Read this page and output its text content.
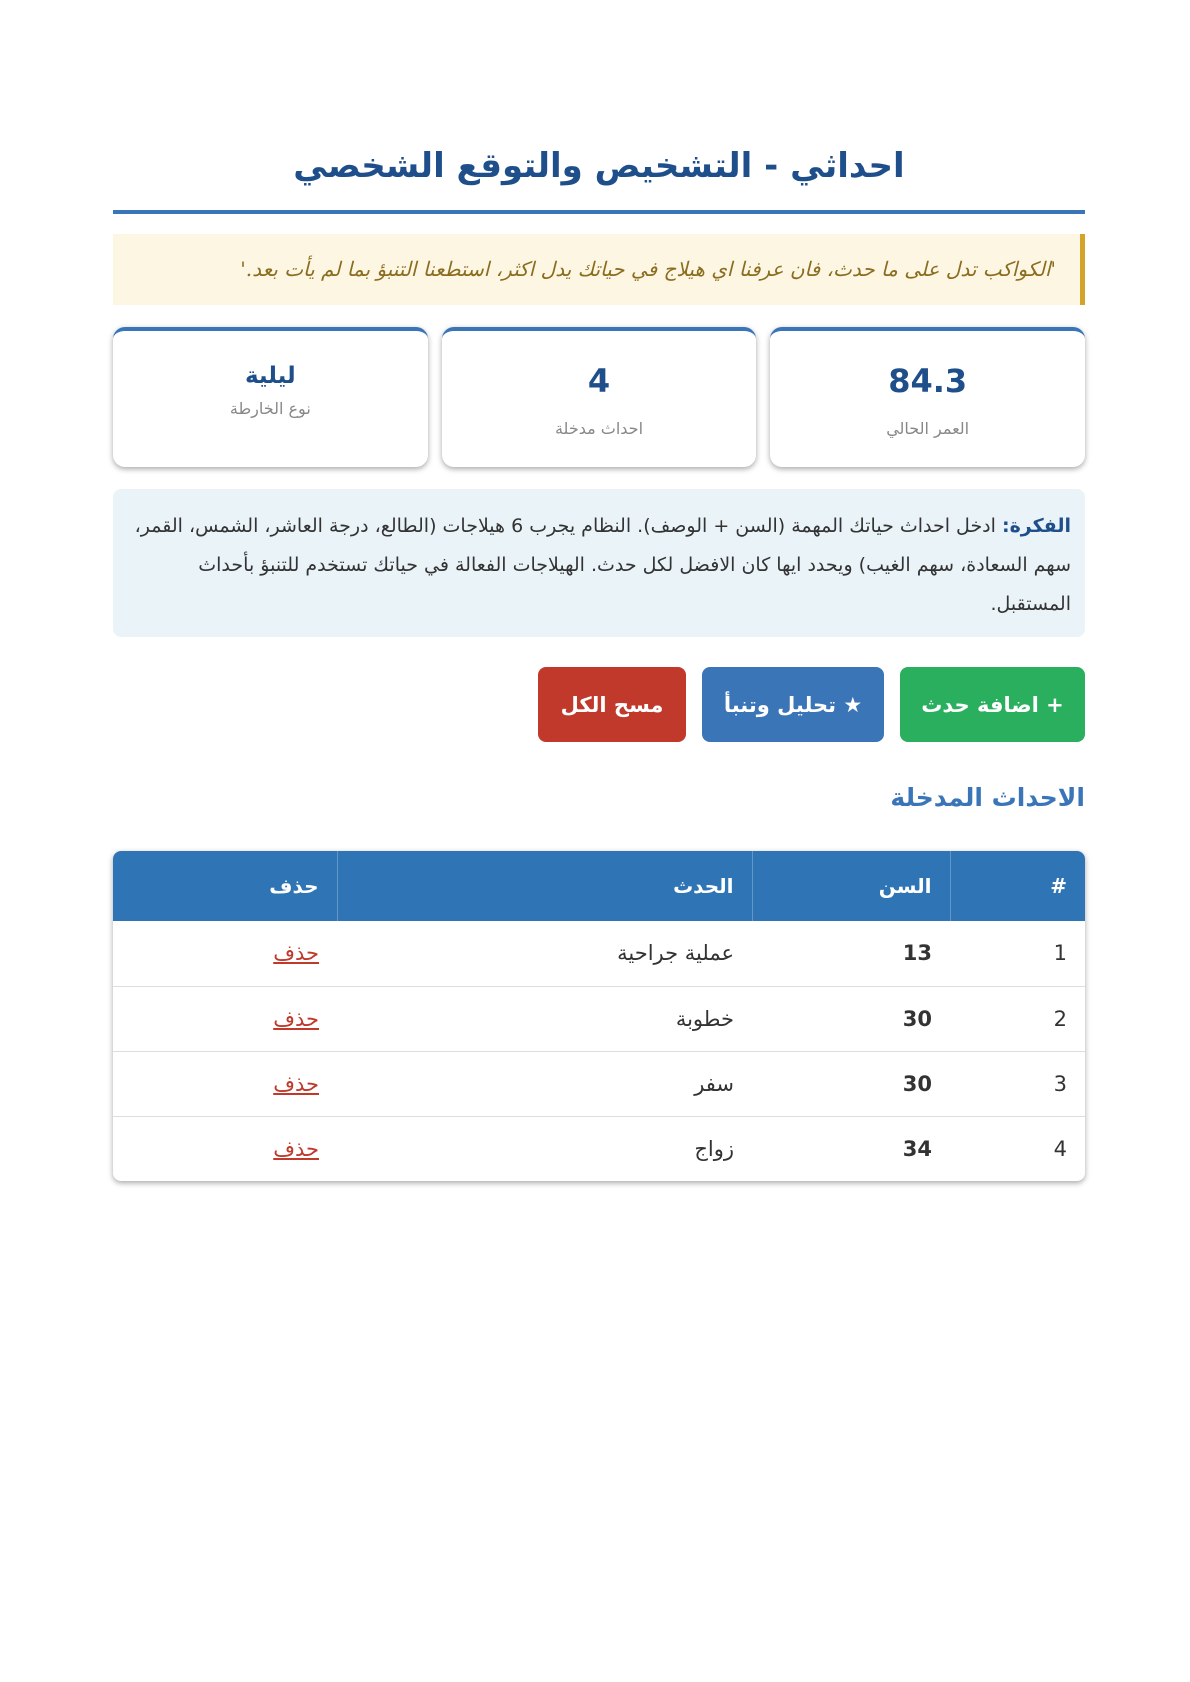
احداثي - التشخيص والتوقع الشخصي
'الكواكب تدل على ما حدث، فان عرفنا اي هيلاج في حياتك يدل اكثر، استطعنا التنبؤ بما لم يأت بعد.'
84.3
العمر الحالي
4
احداث مدخلة
ليلية
نوع الخارطة
الفكرة: ادخل احداث حياتك المهمة (السن + الوصف). النظام يجرب 6 هيلاجات (الطالع، درجة العاشر، الشمس، القمر، سهم السعادة، سهم الغيب) ويحدد ايها كان الافضل لكل حدث. الهيلاجات الفعالة في حياتك تستخدم للتنبؤ بأحداث المستقبل.
+ اضافة حدث
★ تحليل وتنبأ
مسح الكل
الاحداث المدخلة
#	السن	الحدث	حذف
1	13	عملية جراحية	حذف
2	30	خطوبة	حذف
3	30	سفر	حذف
4	34	زواج	حذف
